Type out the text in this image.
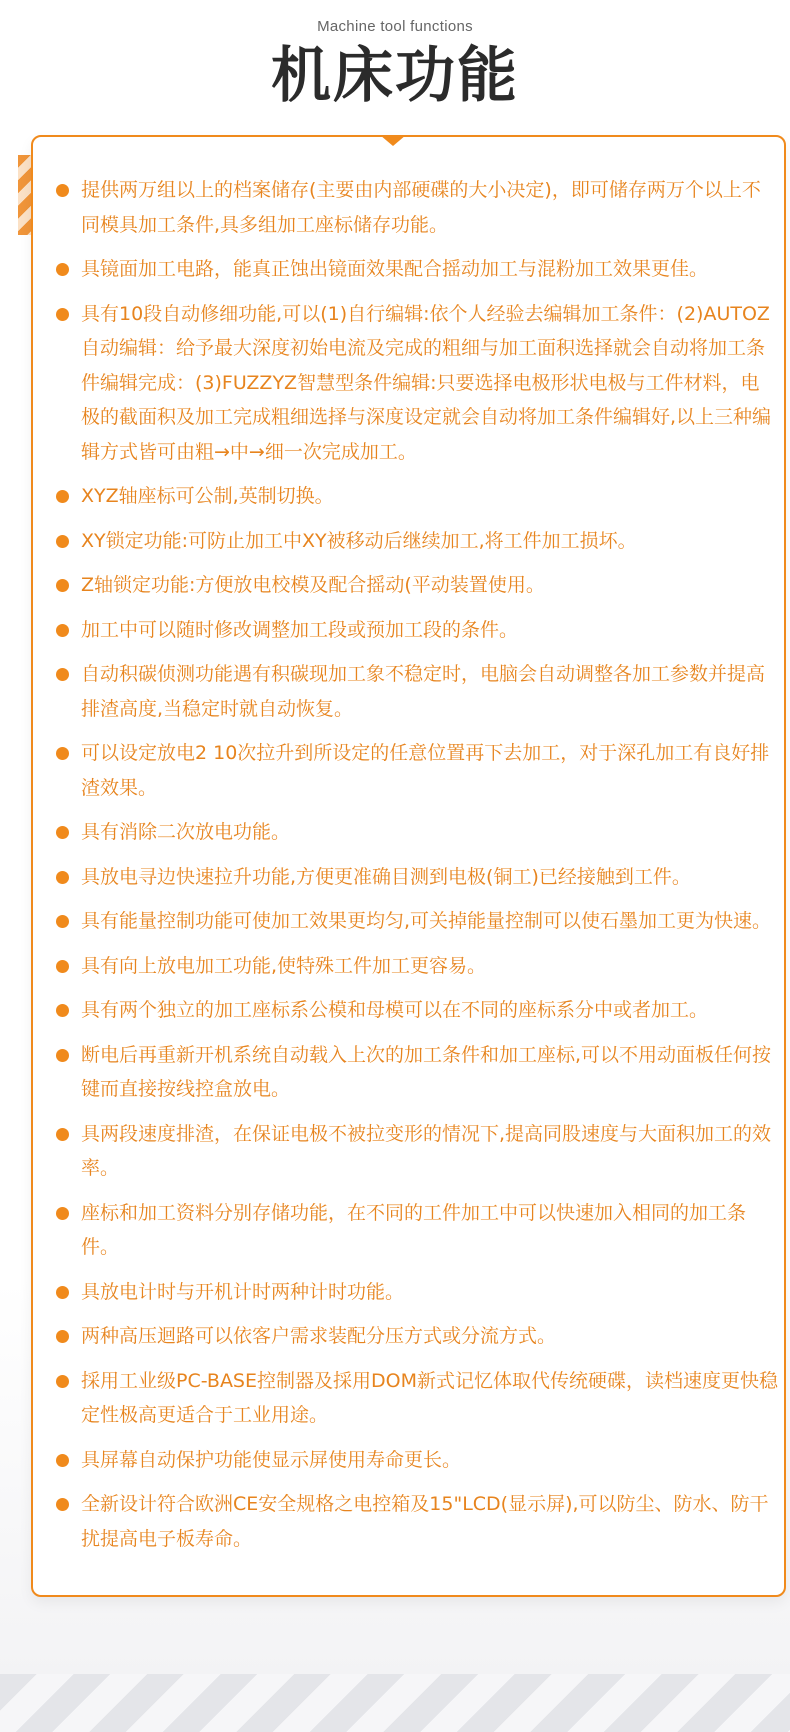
Machine tool functions
机床功能
提供两万组以上的档案储存(主要由内部硬碟的大小决定)，即可储存两万个以上不同模具加工条件,具多组加工座标储存功能。
具镜面加工电路，能真正蚀出镜面效果配合摇动加工与混粉加工效果更佳。
具有10段自动修细功能,可以(1)自行编辑:依个人经验去编辑加工条件：(2)AUTOZ自动编辑：给予最大深度初始电流及完成的粗细与加工面积选择就会自动将加工条件编辑完成：(3)FUZZYZ智慧型条件编辑:只要选择电极形状电极与工件材料，电极的截面积及加工完成粗细选择与深度设定就会自动将加工条件编辑好,以上三种编辑方式皆可由粗→中→细一次完成加工。
XYZ轴座标可公制,英制切换。
XY锁定功能:可防止加工中XY被移动后继续加工,将工件加工损坏。
Z轴锁定功能:方便放电校模及配合摇动(平动装置使用。
加工中可以随时修改调整加工段或预加工段的条件。
自动积碳侦测功能遇有积碳现加工象不稳定时，电脑会自动调整各加工参数并提高排渣高度,当稳定时就自动恢复。
可以设定放电2 10次拉升到所设定的任意位置再下去加工，对于深孔加工有良好排渣效果。
具有消除二次放电功能。
具放电寻边快速拉升功能,方便更准确目测到电极(铜工)已经接触到工件。
具有能量控制功能可使加工效果更均匀,可关掉能量控制可以使石墨加工更为快速。
具有向上放电加工功能,使特殊工件加工更容易。
具有两个独立的加工座标系公模和母模可以在不同的座标系分中或者加工。
断电后再重新开机系统自动载入上次的加工条件和加工座标,可以不用动面板任何按键而直接按线控盒放电。
具两段速度排渣，在保证电极不被拉变形的情况下,提高同股速度与大面积加工的效率。
座标和加工资料分别存储功能，在不同的工件加工中可以快速加入相同的加工条件。
具放电计时与开机计时两种计时功能。
两种高压迴路可以依客户需求装配分压方式或分流方式。
採用工业级PC-BASE控制器及採用DOM新式记忆体取代传统硬碟，读档速度更快稳定性极高更适合于工业用途。
具屏幕自动保护功能使显示屏使用寿命更长。
全新设计符合欧洲CE安全规格之电控箱及15"LCD(显示屏),可以防尘、防水、防干扰提高电子板寿命。
